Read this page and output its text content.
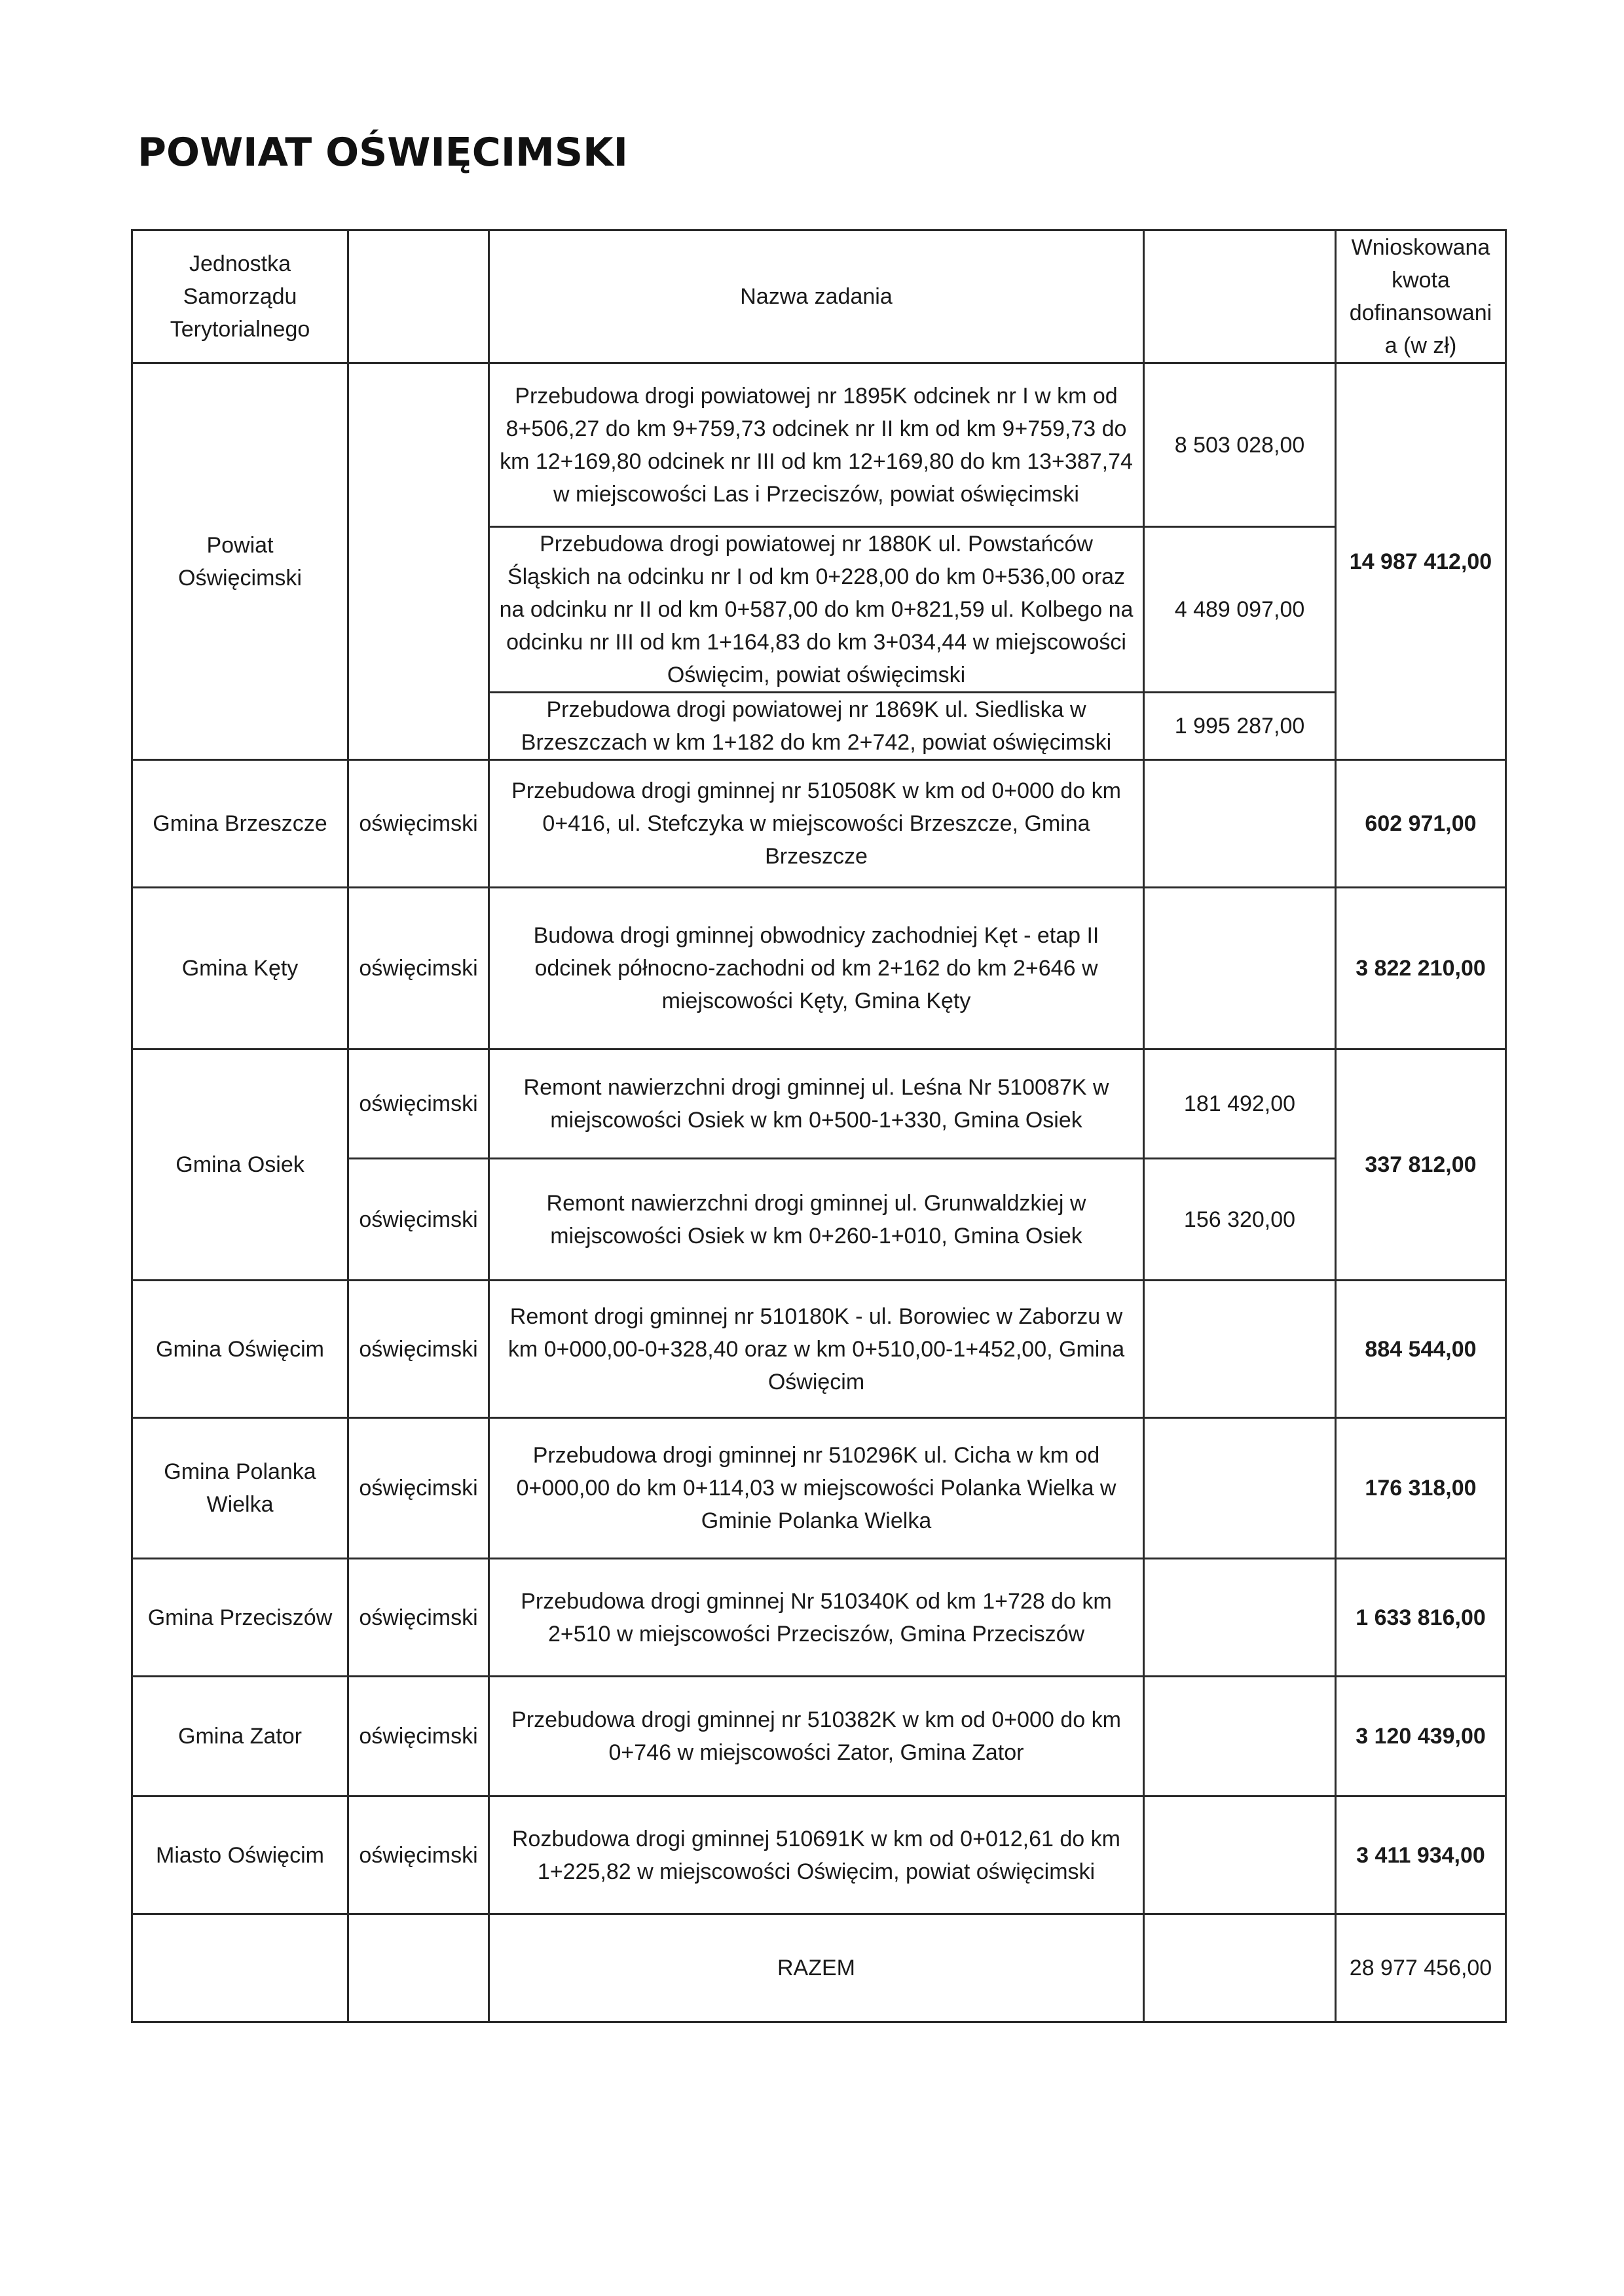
POWIAT OŚWIĘCIMSKI
Jednostka Samorządu Terytorialnego		Nazwa zadania		Wnioskowana kwota dofinansowani a (w zł)
Powiat Oświęcimski		Przebudowa drogi powiatowej nr 1895K odcinek nr I w km od 8+506,27 do km 9+759,73 odcinek nr II km od km 9+759,73 do km 12+169,80 odcinek nr III od km 12+169,80 do km 13+387,74 w miejscowości Las i Przeciszów, powiat oświęcimski	8 503 028,00	14 987 412,00
		Przebudowa drogi powiatowej nr 1880K ul. Powstańców Śląskich na odcinku nr I od km 0+228,00 do km 0+536,00 oraz na odcinku nr II od km 0+587,00 do km 0+821,59 ul. Kolbego na odcinku nr III od km 1+164,83 do km 3+034,44 w miejscowości Oświęcim, powiat oświęcimski	4 489 097,00	
		Przebudowa drogi powiatowej nr 1869K ul. Siedliska w Brzeszczach w km 1+182 do km 2+742, powiat oświęcimski	1 995 287,00	
Gmina Brzeszcze	oświęcimski	Przebudowa drogi gminnej nr 510508K w km od 0+000 do km 0+416, ul. Stefczyka w miejscowości Brzeszcze, Gmina Brzeszcze		602 971,00
Gmina Kęty	oświęcimski	Budowa drogi gminnej obwodnicy zachodniej Kęt - etap II odcinek północno-zachodni od km 2+162 do km 2+646 w miejscowości Kęty, Gmina Kęty		3 822 210,00
Gmina Osiek	oświęcimski	Remont nawierzchni drogi gminnej ul. Leśna Nr 510087K w miejscowości Osiek w km 0+500-1+330, Gmina Osiek	181 492,00	337 812,00
	oświęcimski	Remont nawierzchni drogi gminnej ul. Grunwaldzkiej w miejscowości Osiek w km 0+260-1+010, Gmina Osiek	156 320,00	
Gmina Oświęcim	oświęcimski	Remont drogi gminnej nr 510180K - ul. Borowiec w Zaborzu w km 0+000,00-0+328,40 oraz w km 0+510,00-1+452,00, Gmina Oświęcim		884 544,00
Gmina Polanka Wielka	oświęcimski	Przebudowa drogi gminnej nr 510296K ul. Cicha w km od 0+000,00 do km 0+114,03 w miejscowości Polanka Wielka w Gminie Polanka Wielka		176 318,00
Gmina Przeciszów	oświęcimski	Przebudowa drogi gminnej Nr 510340K od km 1+728 do km 2+510 w miejscowości Przeciszów, Gmina Przeciszów		1 633 816,00
Gmina Zator	oświęcimski	Przebudowa drogi gminnej nr 510382K w km od 0+000 do km 0+746 w miejscowości Zator, Gmina Zator		3 120 439,00
Miasto Oświęcim	oświęcimski	Rozbudowa drogi gminnej 510691K w km od 0+012,61 do km 1+225,82 w miejscowości Oświęcim, powiat oświęcimski		3 411 934,00
		RAZEM		28 977 456,00
